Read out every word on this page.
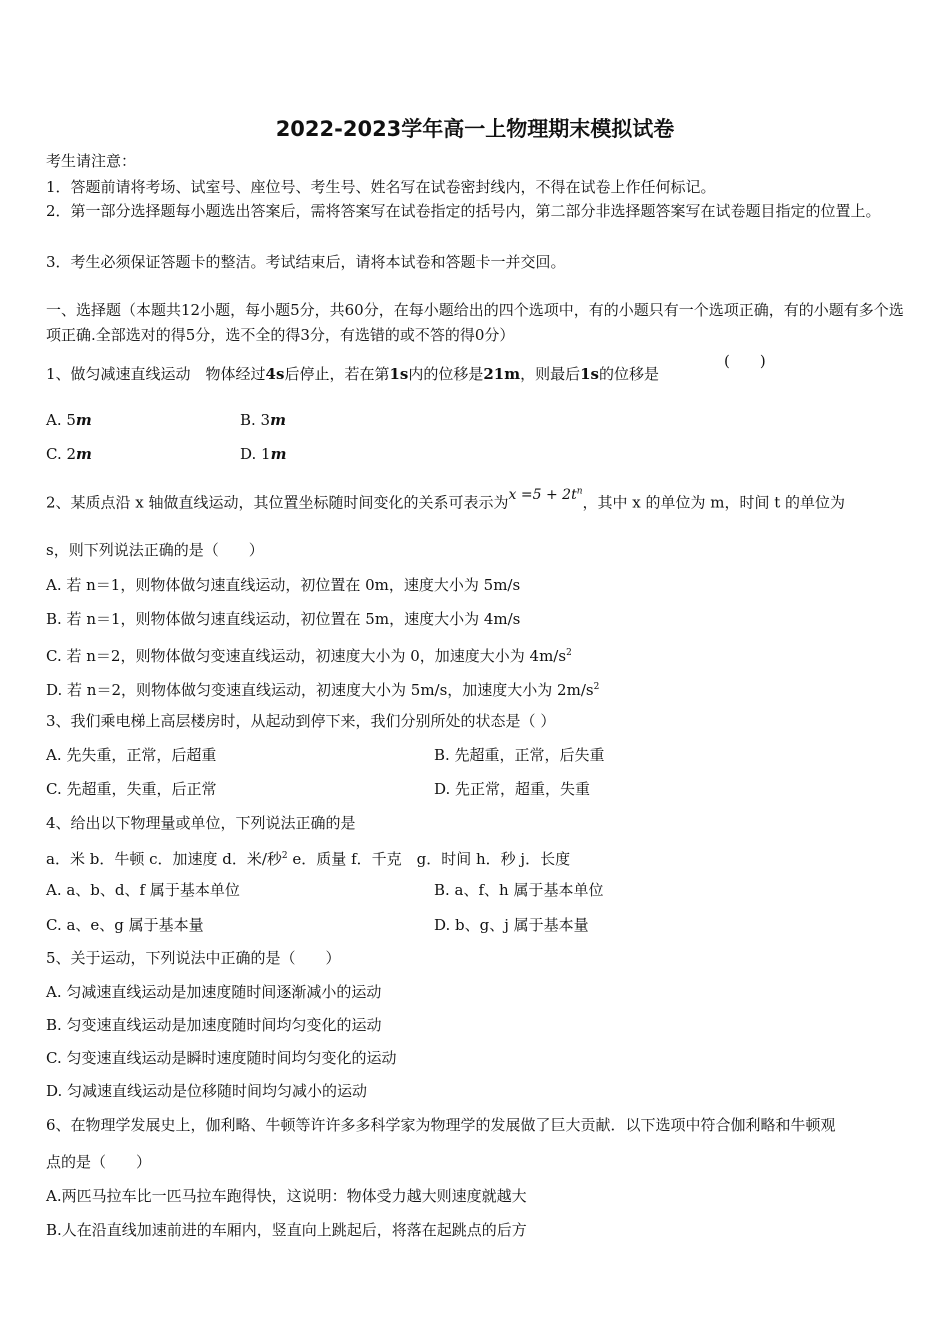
2022-2023学年高一上物理期末模拟试卷
考生请注意：
1．答题前请将考场、试室号、座位号、考生号、姓名写在试卷密封线内，不得在试卷上作任何标记。
2．第一部分选择题每小题选出答案后，需将答案写在试卷指定的括号内，第二部分非选择题答案写在试卷题目指定的位置上。
3．考生必须保证答题卡的整洁。考试结束后，请将本试卷和答题卡一并交回。
一、选择题（本题共12小题，每小题5分，共60分，在每小题给出的四个选项中，有的小题只有一个选项正确，有的小题有多个选项正确.全部选对的得5分，选不全的得3分，有选错的或不答的得0分）
1、做匀减速直线运动　物体经过4s后停止，若在第1s内的位移是21m，则最后1s的位移是
(　　)
A. 5m	B. 3m
C. 2m	D. 1m
2、某质点沿 x 轴做直线运动，其位置坐标随时间变化的关系可表示为$x =5 + 2t^n$，其中 x 的单位为 m，时间 t 的单位为
s，则下列说法正确的是（　　）
A. 若 n＝1，则物体做匀速直线运动，初位置在 0m，速度大小为 5m/s
B. 若 n＝1，则物体做匀速直线运动，初位置在 5m，速度大小为 4m/s
C. 若 n＝2，则物体做匀变速直线运动，初速度大小为 0，加速度大小为 $4m/s^2$
D. 若 n＝2，则物体做匀变速直线运动，初速度大小为 5m/s，加速度大小为 $2m/s^2$
3、我们乘电梯上高层楼房时，从起动到停下来，我们分别所处的状态是（ ）
A. 先失重，正常，后超重	B. 先超重，正常，后失重
C. 先超重，失重，后正常	D. 先正常，超重，失重
4、给出以下物理量或单位，下列说法正确的是
a．米 b．牛顿 c．加速度 d．米/秒$^2$ e．质量 f．千克　g．时间 h．秒 j．长度
A. a、b、d、f 属于基本单位	B. a、f、h 属于基本单位
C. a、e、g 属于基本量	D. b、g、j 属于基本量
5、关于运动，下列说法中正确的是（　　）
A. 匀减速直线运动是加速度随时间逐渐减小的运动
B. 匀变速直线运动是加速度随时间均匀变化的运动
C. 匀变速直线运动是瞬时速度随时间均匀变化的运动
D. 匀减速直线运动是位移随时间均匀减小的运动
6、在物理学发展史上，伽利略、牛顿等许许多多科学家为物理学的发展做了巨大贡献．以下选项中符合伽利略和牛顿观
点的是（　　）
A.两匹马拉车比一匹马拉车跑得快，这说明：物体受力越大则速度就越大
B.人在沿直线加速前进的车厢内，竖直向上跳起后，将落在起跳点的后方
